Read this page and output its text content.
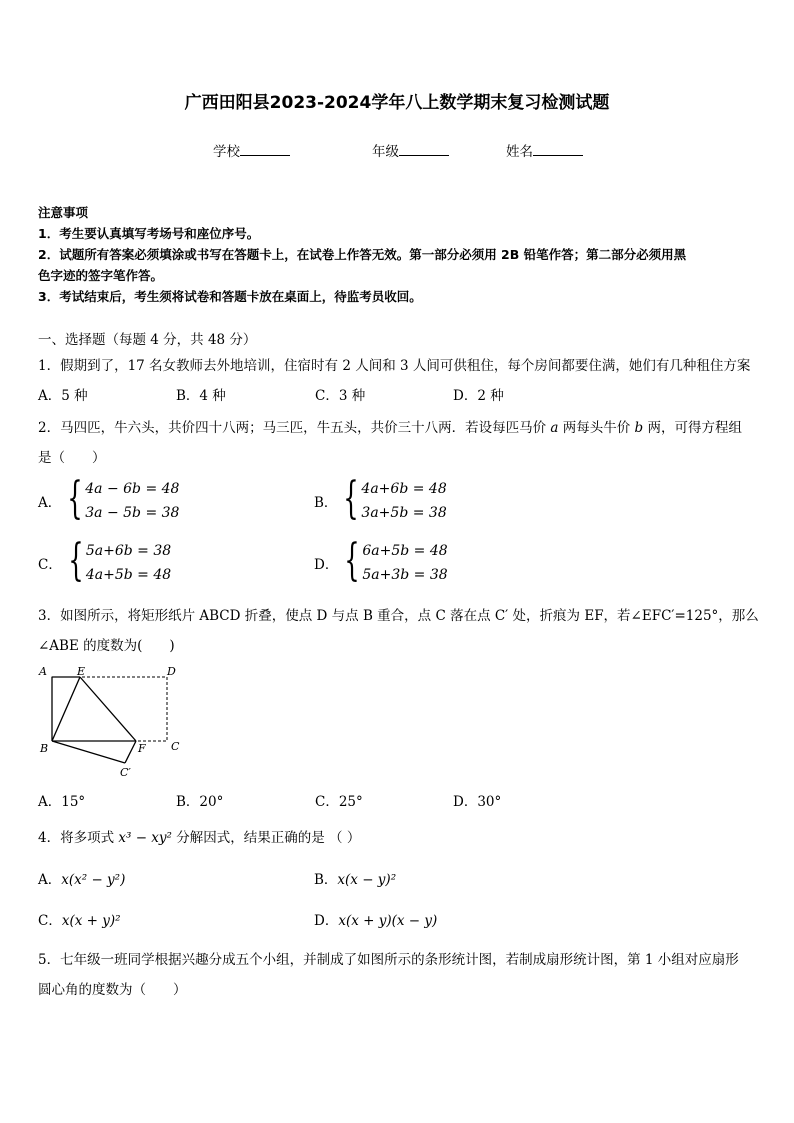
广西田阳县2023-2024学年八上数学期末复习检测试题
学校	年级	姓名
注意事项
1．考生要认真填写考场号和座位序号。
2．试题所有答案必须填涂或书写在答题卡上，在试卷上作答无效。第一部分必须用 2B 铅笔作答；第二部分必须用黑
色字迹的签字笔作答。
3．考试结束后，考生须将试卷和答题卡放在桌面上，待监考员收回。
一、选择题（每题 4 分，共 48 分）
1．假期到了，17 名女教师去外地培训，住宿时有 2 人间和 3 人间可供租住，每个房间都要住满，她们有几种租住方案
A．5 种	B．4 种	C．3 种	D．2 种
2．马四匹，牛六头，共价四十八两；马三匹，牛五头，共价三十八两．若设每匹马价 a 两每头牛价 b 两，可得方程组
是（　　）
A． { 4a − 6b = 48
3a − 5b = 38
B． { 4a+6b = 48
3a+5b = 38
C． { 5a+6b = 38
4a+5b = 48
D． { 6a+5b = 48
5a+3b = 38
3．如图所示，将矩形纸片 ABCD 折叠，使点 D 与点 B 重合，点 C 落在点 C′ 处，折痕为 EF，若∠EFC′=125°，那么
∠ABE 的度数为(　　)
A	E	D
B	F C
C′
A．15°	B．20°	C．25°	D．30°
4．将多项式 x³ − xy² 分解因式，结果正确的是 （ ）
A．x(x² − y²)	B．x(x − y)²
C．x(x + y)²	D．x(x + y)(x − y)
5．七年级一班同学根据兴趣分成五个小组，并制成了如图所示的条形统计图，若制成扇形统计图，第 1 小组对应扇形
圆心角的度数为（　　）
